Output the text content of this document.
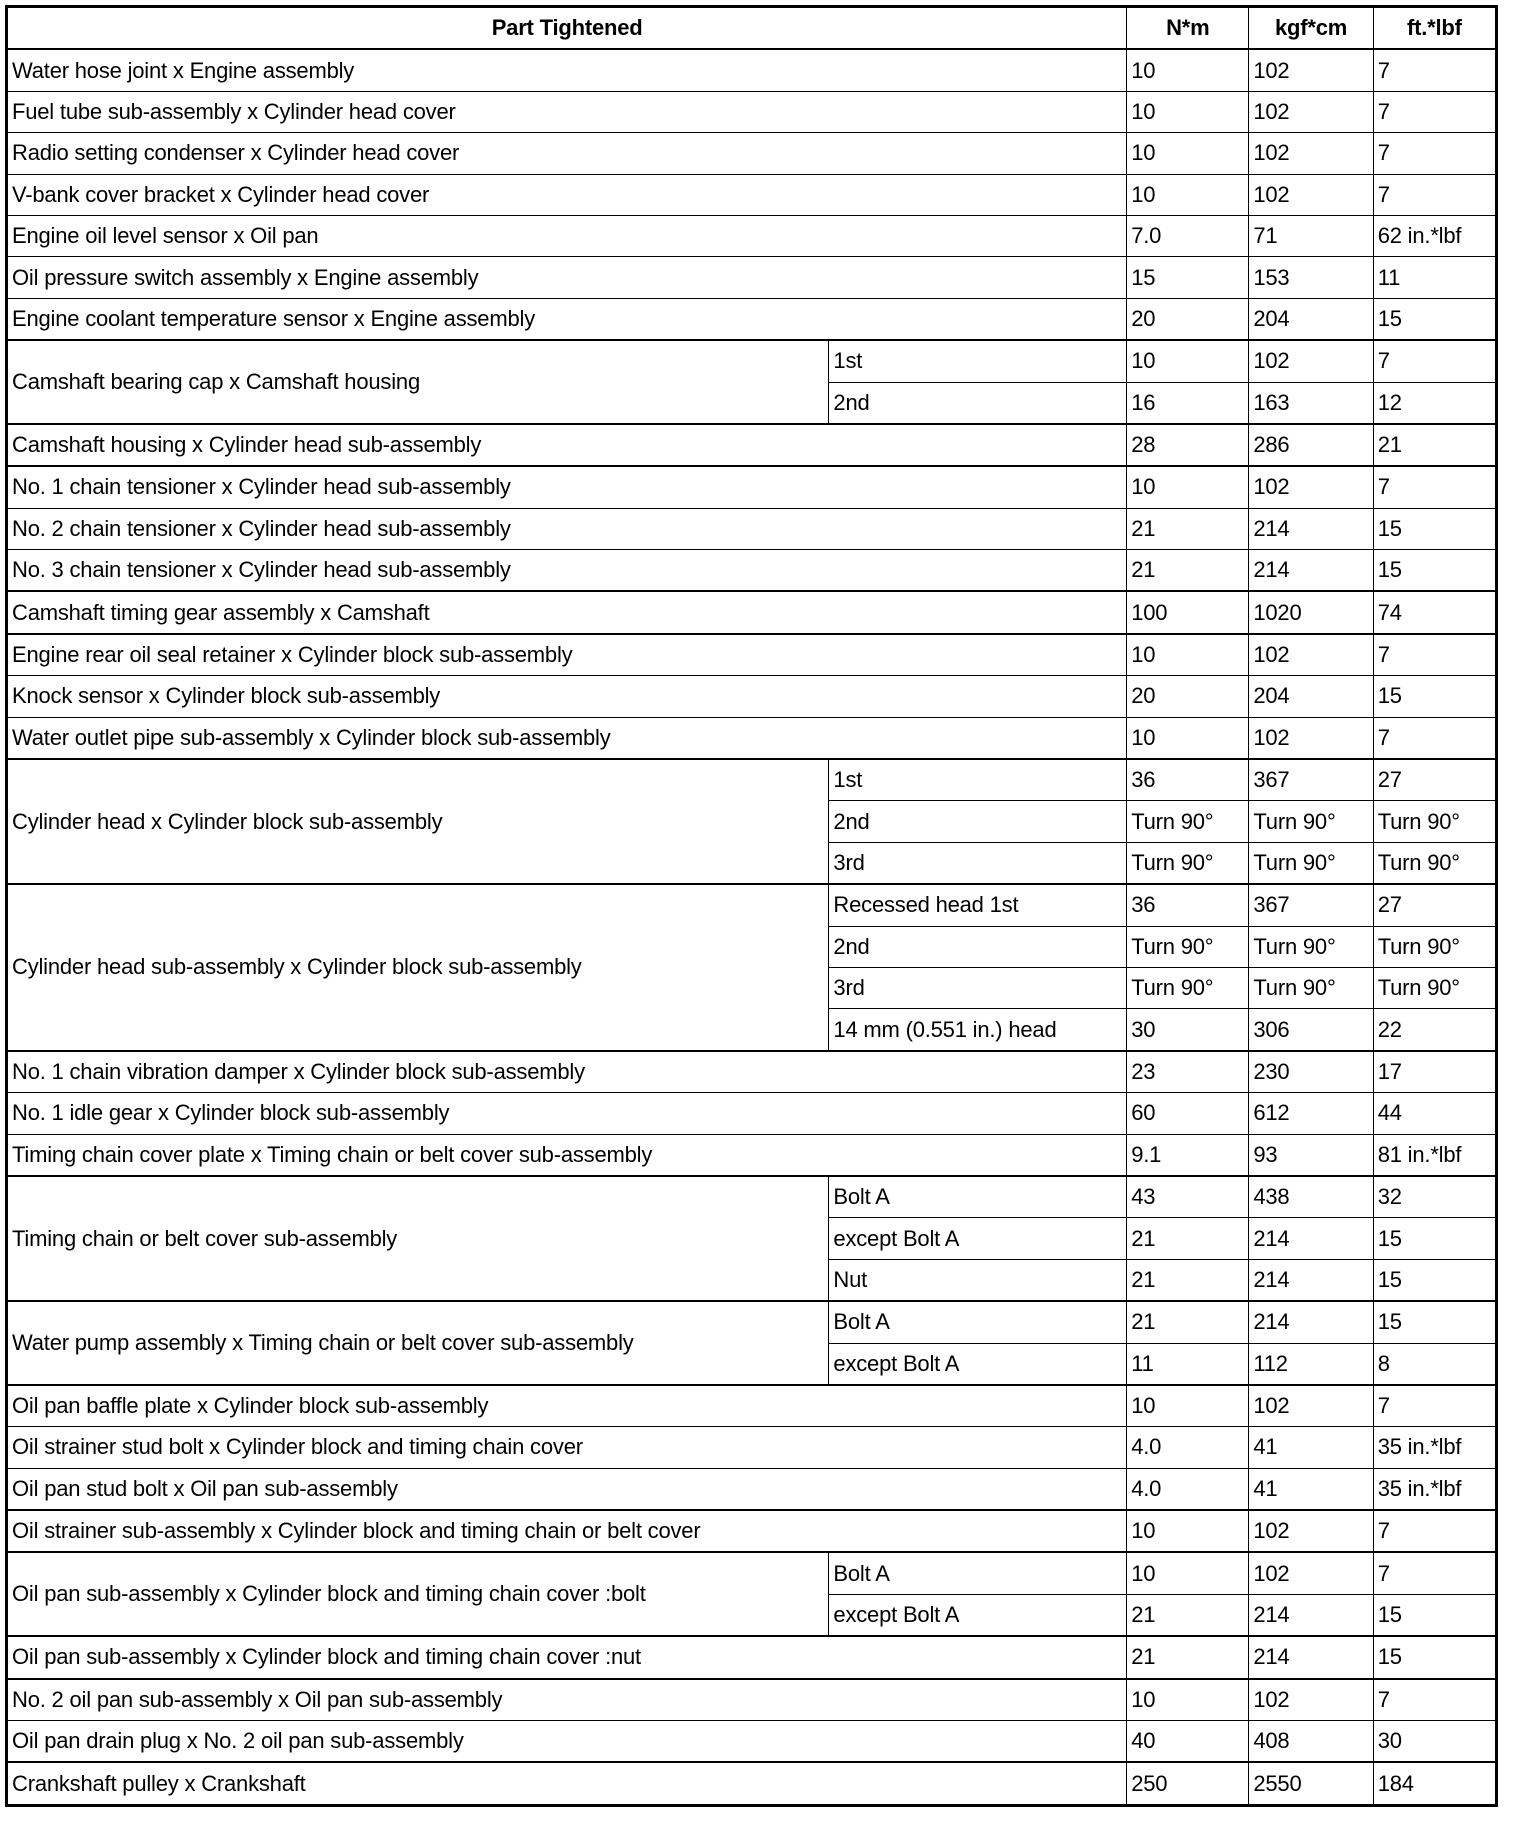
Part Tightened		N*m	kgf*cm	ft.*lbf
Water hose joint x Engine assembly		10	102	7
Fuel tube sub-assembly x Cylinder head cover		10	102	7
Radio setting condenser x Cylinder head cover		10	102	7
V-bank cover bracket x Cylinder head cover		10	102	7
Engine oil level sensor x Oil pan		7.0	71	62 in.*lbf
Oil pressure switch assembly x Engine assembly		15	153	11
Engine coolant temperature sensor x Engine assembly		20	204	15
Camshaft bearing cap x Camshaft housing	1st	10	102	7
	2nd	16	163	12
Camshaft housing x Cylinder head sub-assembly		28	286	21
No. 1 chain tensioner x Cylinder head sub-assembly		10	102	7
No. 2 chain tensioner x Cylinder head sub-assembly		21	214	15
No. 3 chain tensioner x Cylinder head sub-assembly		21	214	15
Camshaft timing gear assembly x Camshaft		100	1020	74
Engine rear oil seal retainer x Cylinder block sub-assembly		10	102	7
Knock sensor x Cylinder block sub-assembly		20	204	15
Water outlet pipe sub-assembly x Cylinder block sub-assembly		10	102	7
Cylinder head x Cylinder block sub-assembly	1st	36	367	27
	2nd	Turn 90°	Turn 90°	Turn 90°
	3rd	Turn 90°	Turn 90°	Turn 90°
Cylinder head sub-assembly x Cylinder block sub-assembly	Recessed head 1st	36	367	27
	2nd	Turn 90°	Turn 90°	Turn 90°
	3rd	Turn 90°	Turn 90°	Turn 90°
	14 mm (0.551 in.) head	30	306	22
No. 1 chain vibration damper x Cylinder block sub-assembly		23	230	17
No. 1 idle gear x Cylinder block sub-assembly		60	612	44
Timing chain cover plate x Timing chain or belt cover sub-assembly		9.1	93	81 in.*lbf
Timing chain or belt cover sub-assembly	Bolt A	43	438	32
	except Bolt A	21	214	15
	Nut	21	214	15
Water pump assembly x Timing chain or belt cover sub-assembly	Bolt A	21	214	15
	except Bolt A	11	112	8
Oil pan baffle plate x Cylinder block sub-assembly		10	102	7
Oil strainer stud bolt x Cylinder block and timing chain cover		4.0	41	35 in.*lbf
Oil pan stud bolt x Oil pan sub-assembly		4.0	41	35 in.*lbf
Oil strainer sub-assembly x Cylinder block and timing chain or belt cover		10	102	7
Oil pan sub-assembly x Cylinder block and timing chain cover :bolt	Bolt A	10	102	7
	except Bolt A	21	214	15
Oil pan sub-assembly x Cylinder block and timing chain cover :nut		21	214	15
No. 2 oil pan sub-assembly x Oil pan sub-assembly		10	102	7
Oil pan drain plug x No. 2 oil pan sub-assembly		40	408	30
Crankshaft pulley x Crankshaft		250	2550	184
